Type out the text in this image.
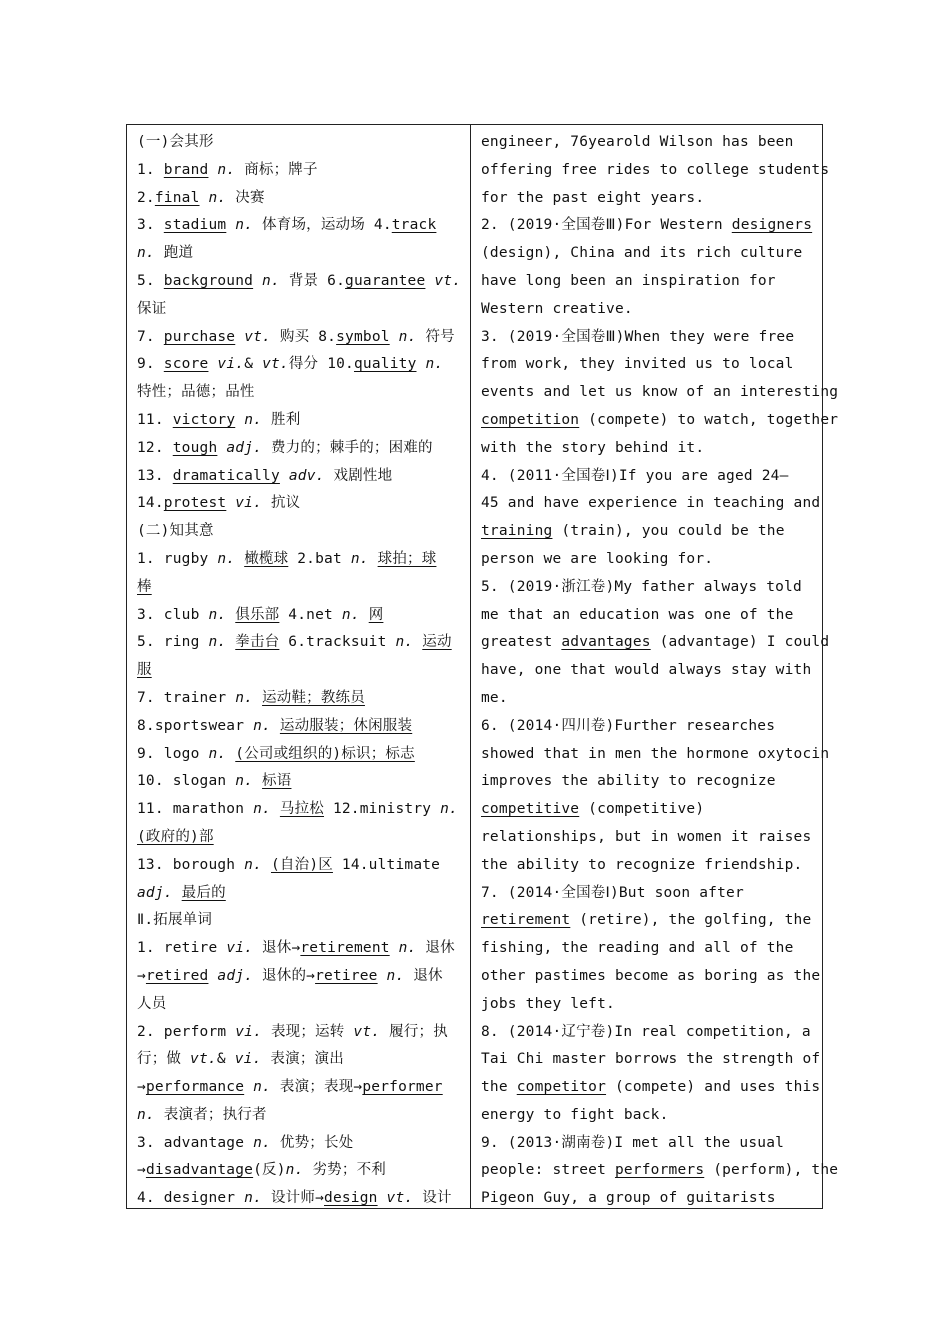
(一)会其形
1. brand n. 商标；牌子
2.final n. 决赛
3. stadium n. 体育场，运动场 4.track
n. 跑道
5. background n. 背景 6.guarantee vt.
保证
7. purchase vt. 购买 8.symbol n. 符号
9. score vi.& vt.得分 10.quality n.
特性；品德；品性
11. victory n. 胜利
12. tough adj. 费力的；棘手的；困难的
13. dramatically adv. 戏剧性地
14.protest vi. 抗议
(二)知其意
1. rugby n. 橄榄球 2.bat n. 球拍；球
棒
3. club n. 俱乐部 4.net n. 网
5. ring n. 拳击台 6.tracksuit n. 运动
服
7. trainer n. 运动鞋；教练员
8.sportswear n. 运动服装；休闲服装
9. logo n. (公司或组织的)标识；标志
10. slogan n. 标语
11. marathon n. 马拉松 12.ministry n.
(政府的)部
13. borough n. (自治)区 14.ultimate
adj. 最后的
Ⅱ.拓展单词
1. retire vi. 退休→retirement n. 退休
→retired adj. 退休的→retiree n. 退休
人员
2. perform vi. 表现；运转 vt. 履行；执
行；做 vt.& vi. 表演；演出
→performance n. 表演；表现→performer
n. 表演者；执行者
3. advantage n. 优势；长处
→disadvantage(反)n. 劣势；不利
4. designer n. 设计师→design vt. 设计
engineer, 76yearold Wilson has been
offering free rides to college students
for the past eight years.
2. (2019·全国卷Ⅲ)For Western designers
(design), China and its rich culture
have long been an inspiration for
Western creative.
3. (2019·全国卷Ⅲ)When they were free
from work, they invited us to local
events and let us know of an interesting
competition (compete) to watch, together
with the story behind it.
4. (2011·全国卷Ⅰ)If you are aged 24—
45 and have experience in teaching and
training (train), you could be the
person we are looking for.
5. (2019·浙江卷)My father always told
me that an education was one of the
greatest advantages (advantage) I could
have, one that would always stay with
me.
6. (2014·四川卷)Further researches
showed that in men the hormone oxytocin
improves the ability to recognize
competitive (competitive)
relationships, but in women it raises
the ability to recognize friendship.
7. (2014·全国卷Ⅰ)But soon after
retirement (retire), the golfing, the
fishing, the reading and all of the
other pastimes become as boring as the
jobs they left.
8. (2014·辽宁卷)In real competition, a
Tai Chi master borrows the strength of
the competitor (compete) and uses this
energy to fight back.
9. (2013·湖南卷)I met all the usual
people: street performers (perform), the
Pigeon Guy, a group of guitarists
